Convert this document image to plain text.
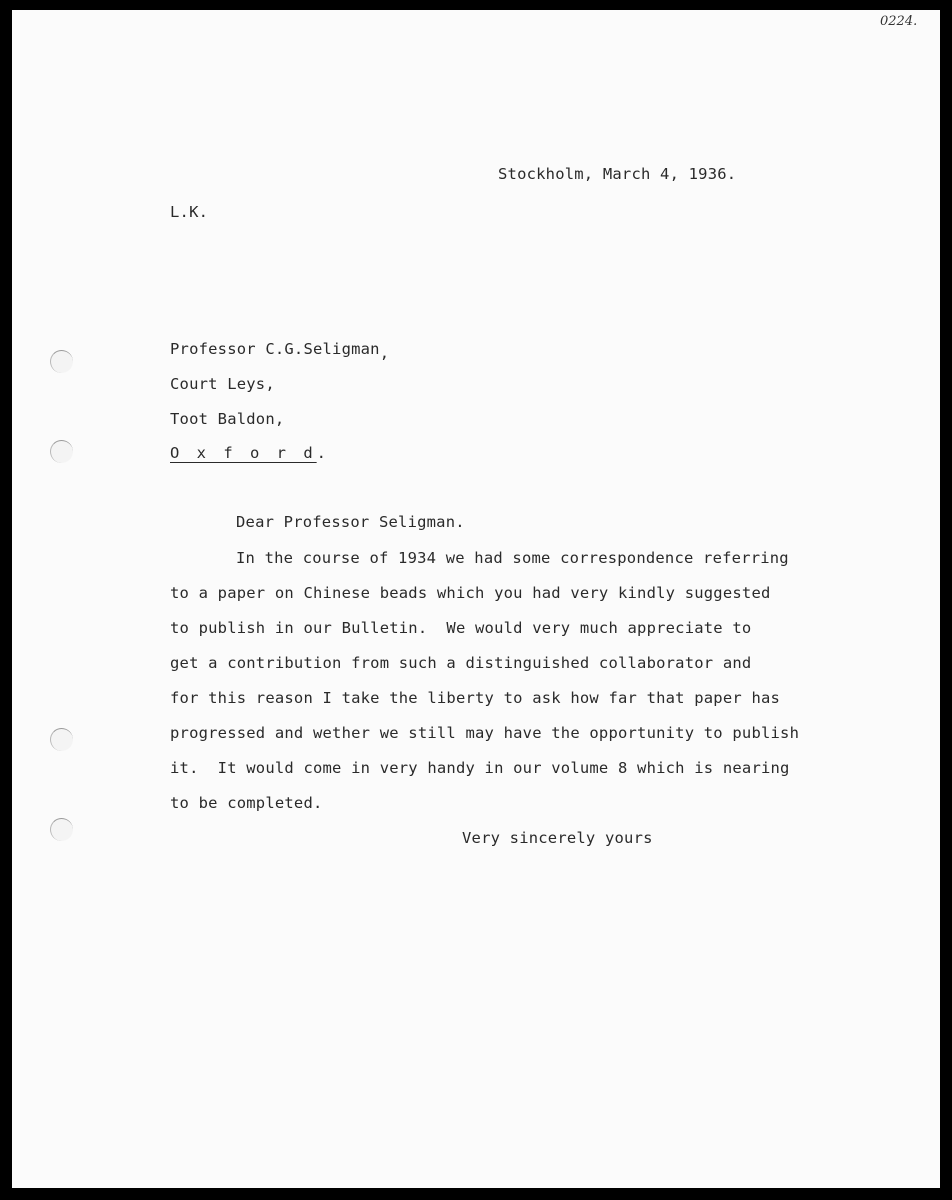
0224.
Stockholm, March 4, 1936.
L.K.
Professor C.G.Seligman,
Court Leys,
Toot Baldon,
O x f o r d.
Dear Professor Seligman.
In the course of 1934 we had some correspondence referring
to a paper on Chinese beads which you had very kindly suggested
to publish in our Bulletin.  We would very much appreciate to
get a contribution from such a distinguished collaborator and
for this reason I take the liberty to ask how far that paper has
progressed and wether we still may have the opportunity to publish
it.  It would come in very handy in our volume 8 which is nearing
to be completed.
Very sincerely yours
